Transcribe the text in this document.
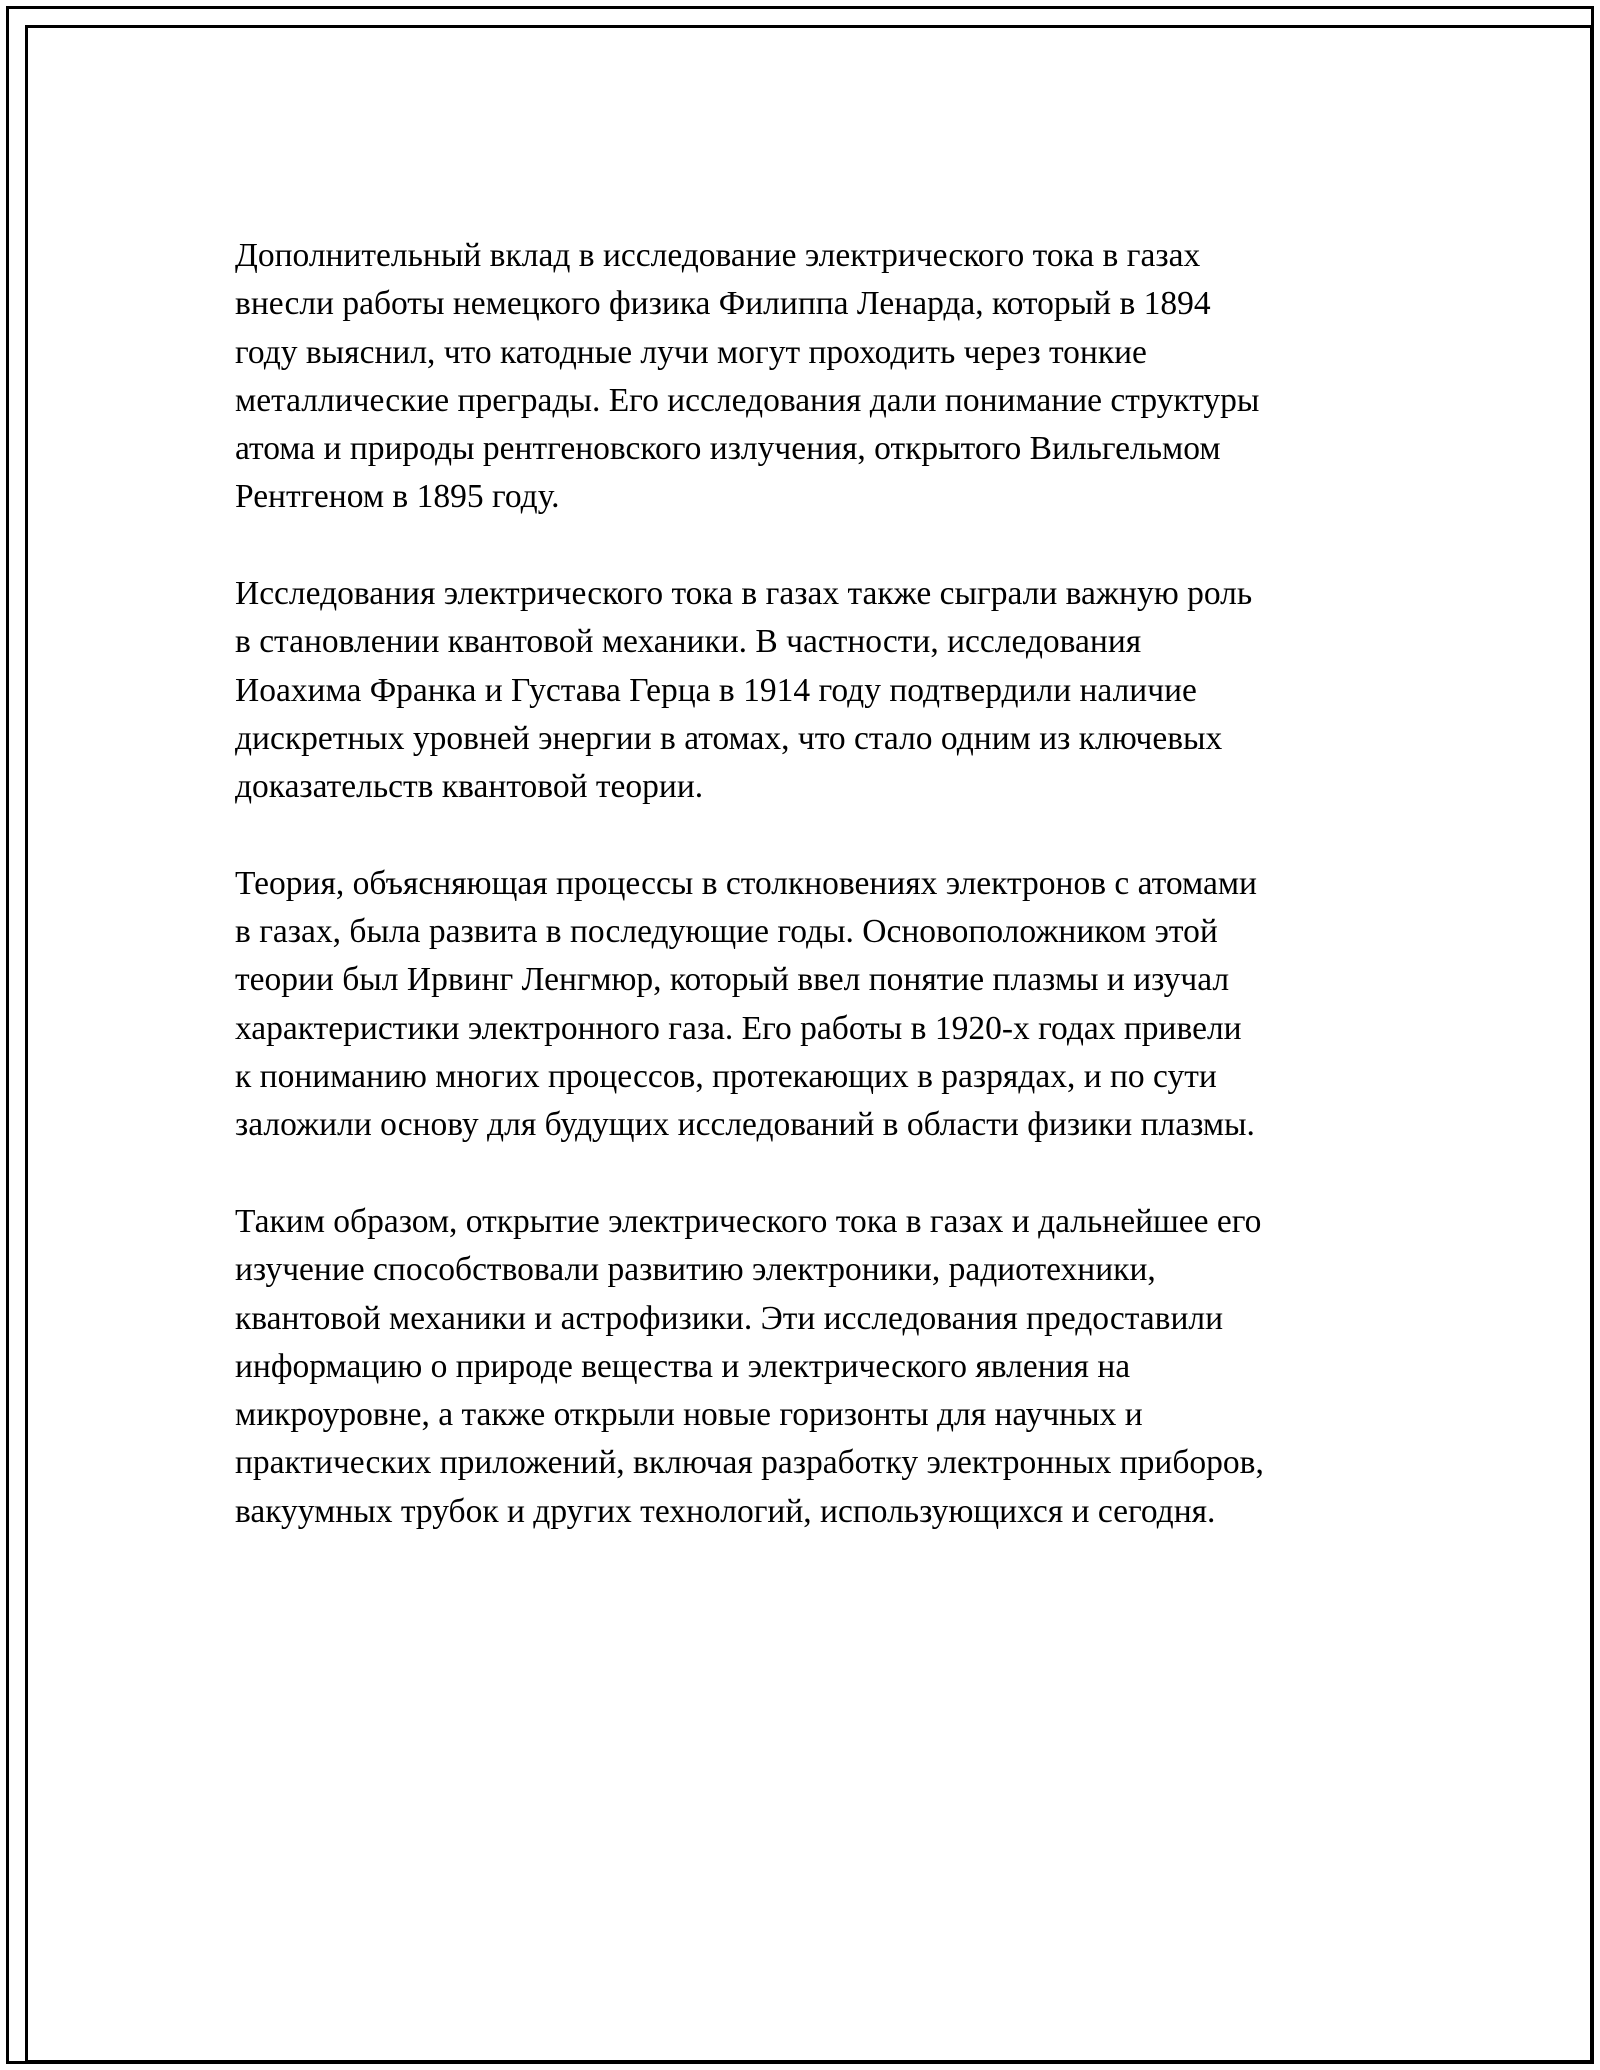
Дополнительный вклад в исследование электрического тока в газах
внесли работы немецкого физика Филиппа Ленарда, который в 1894
году выяснил, что катодные лучи могут проходить через тонкие
металлические преграды. Его исследования дали понимание структуры
атома и природы рентгеновского излучения, открытого Вильгельмом
Рентгеном в 1895 году.

Исследования электрического тока в газах также сыграли важную роль
в становлении квантовой механики. В частности, исследования
Иоахима Франка и Густава Герца в 1914 году подтвердили наличие
дискретных уровней энергии в атомах, что стало одним из ключевых
доказательств квантовой теории.

Теория, объясняющая процессы в столкновениях электронов с атомами
в газах, была развита в последующие годы. Основоположником этой
теории был Ирвинг Ленгмюр, который ввел понятие плазмы и изучал
характеристики электронного газа. Его работы в 1920-х годах привели
к пониманию многих процессов, протекающих в разрядах, и по сути
заложили основу для будущих исследований в области физики плазмы.

Таким образом, открытие электрического тока в газах и дальнейшее его
изучение способствовали развитию электроники, радиотехники,
квантовой механики и астрофизики. Эти исследования предоставили
информацию о природе вещества и электрического явления на
микроуровне, а также открыли новые горизонты для научных и
практических приложений, включая разработку электронных приборов,
вакуумных трубок и других технологий, использующихся и сегодня.
